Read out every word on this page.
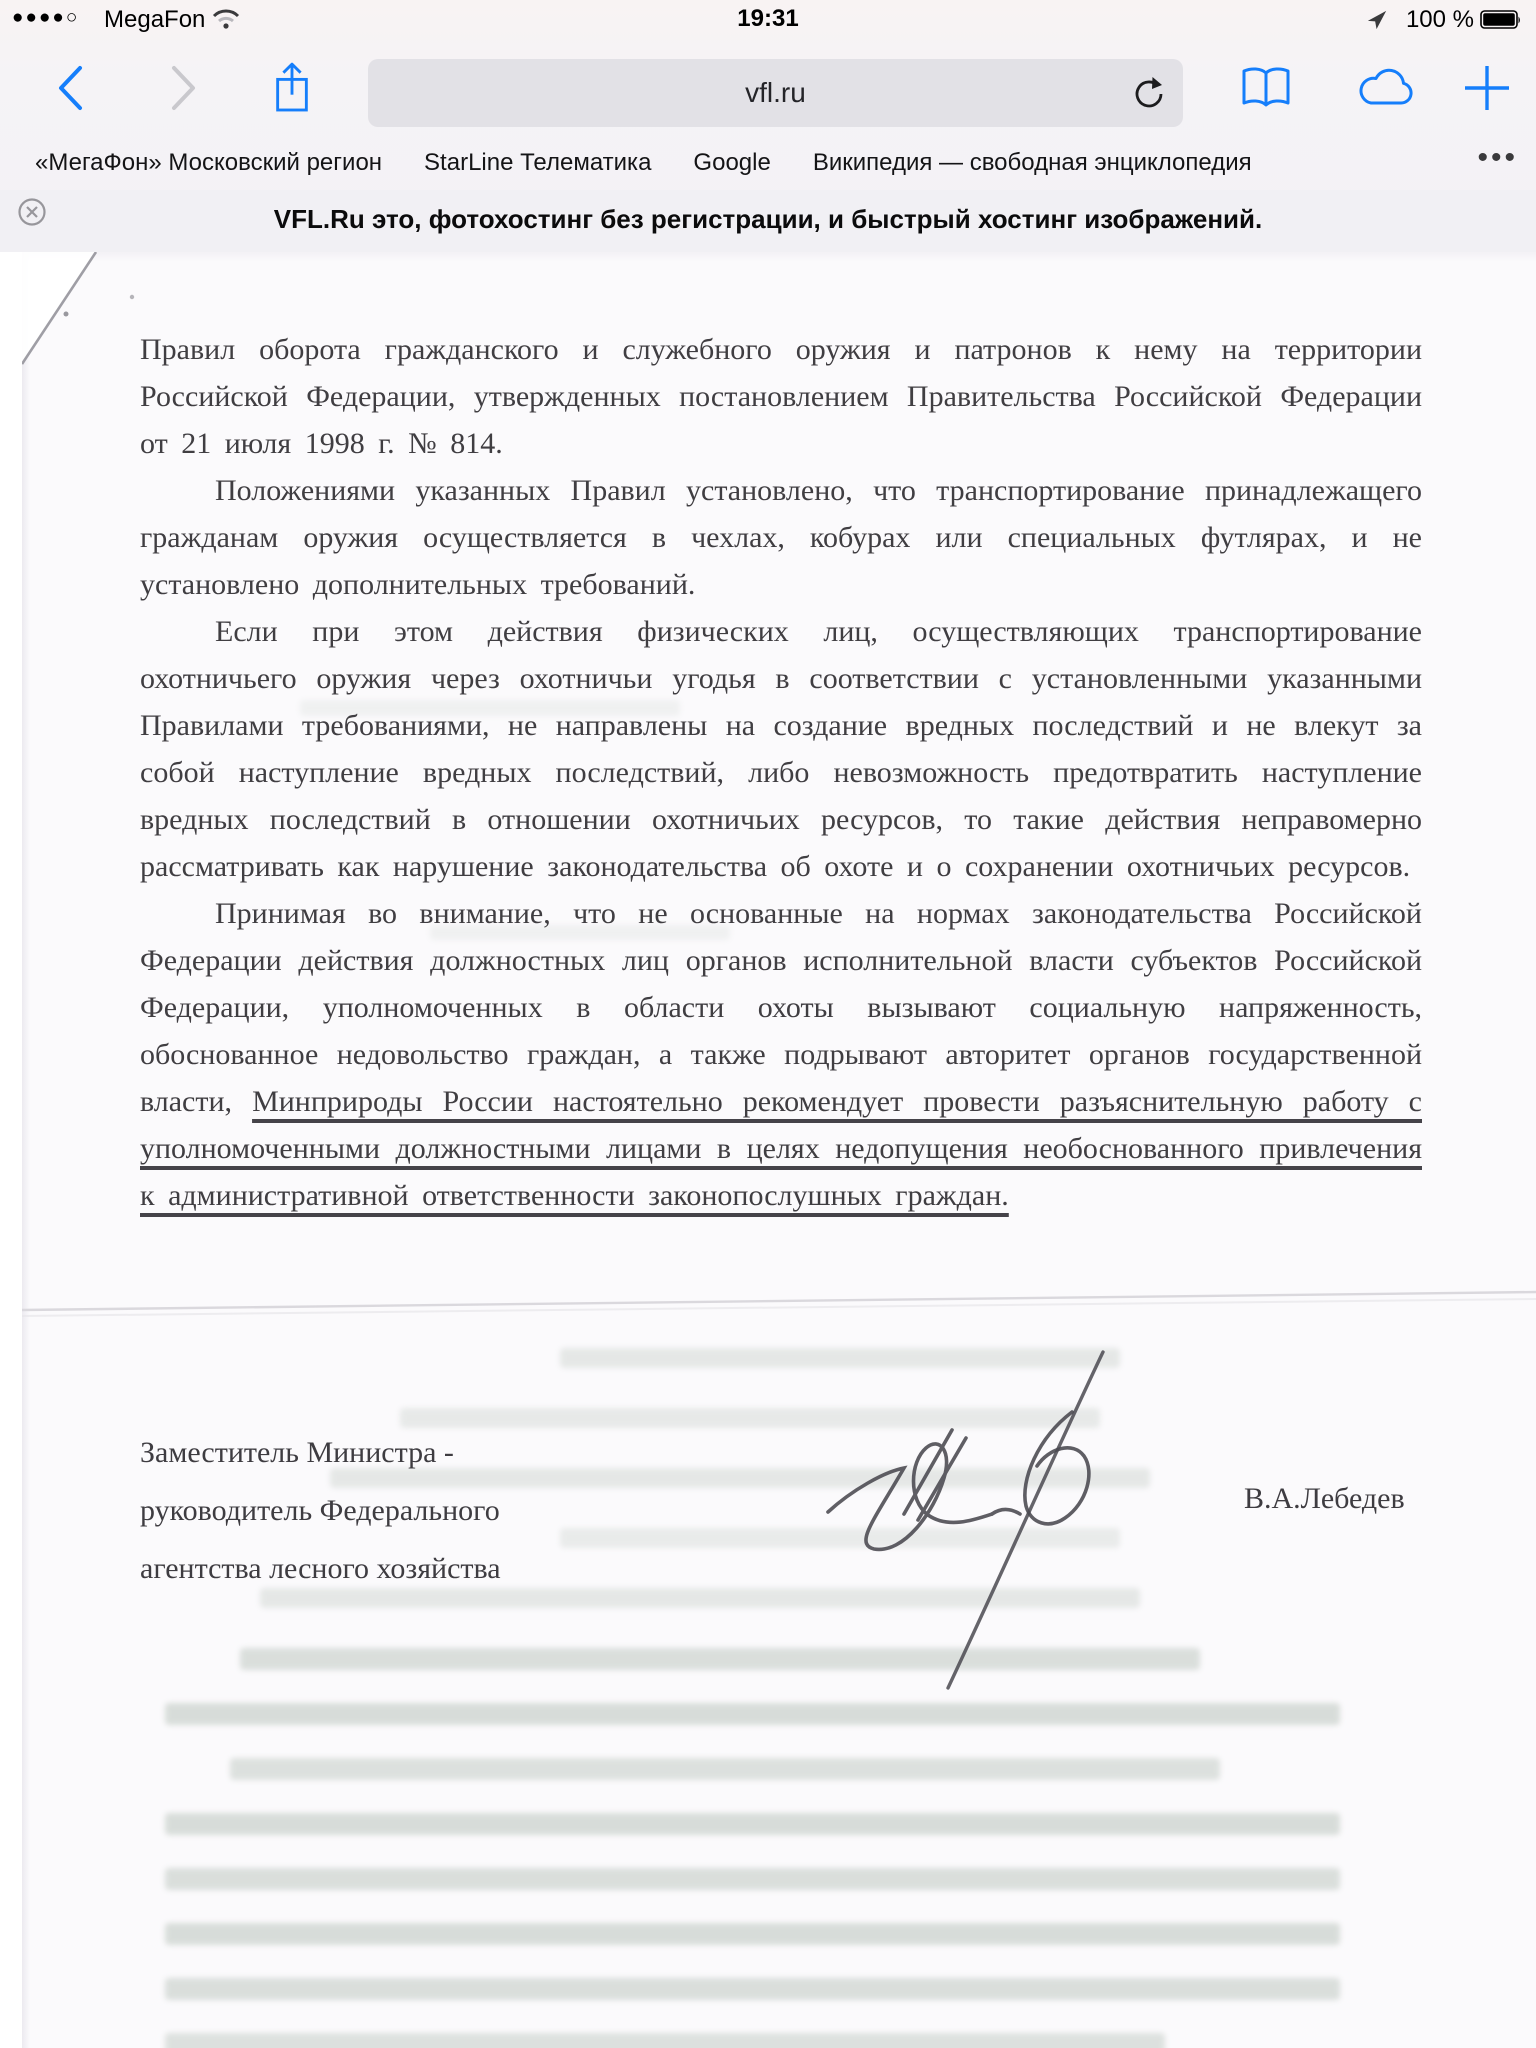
●●●●○ MegaFon	19:31	100 %
vfl.ru
«МегаФон» Московский регион StarLine Телематика Google Википедия — свободная энциклопедия	•••
VFL.Ru это, фотохостинг без регистрации, и быстрый хостинг изображений.

Правил оборота гражданского и служебного оружия и патронов к нему на территории Российской Федерации, утвержденных постановлением Правительства Российской Федерации от 21 июля 1998 г. № 814.

Положениями указанных Правил установлено, что транспортирование принадлежащего гражданам оружия осуществляется в чехлах, кобурах или специальных футлярах, и не установлено дополнительных требований.

Если при этом действия физических лиц, осуществляющих транспортирование охотничьего оружия через охотничьи угодья в соответствии с установленными указанными Правилами требованиями, не направлены на создание вредных последствий и не влекут за собой наступление вредных последствий, либо невозможность предотвратить наступление вредных последствий в отношении охотничьих ресурсов, то такие действия неправомерно рассматривать как нарушение законодательства об охоте и о сохранении охотничьих ресурсов.

Принимая во внимание, что не основанные на нормах законодательства Российской Федерации действия должностных лиц органов исполнительной власти субъектов Российской Федерации, уполномоченных в области охоты вызывают социальную напряженность, обоснованное недовольство граждан, а также подрывают авторитет органов государственной власти, Минприроды России настоятельно рекомендует провести разъяснительную работу с уполномоченными должностными лицами в целях недопущения необоснованного привлечения к административной ответственности законопослушных граждан.

Заместитель Министра -
руководитель Федерального
агентства лесного хозяйства
В.А.Лебедев
